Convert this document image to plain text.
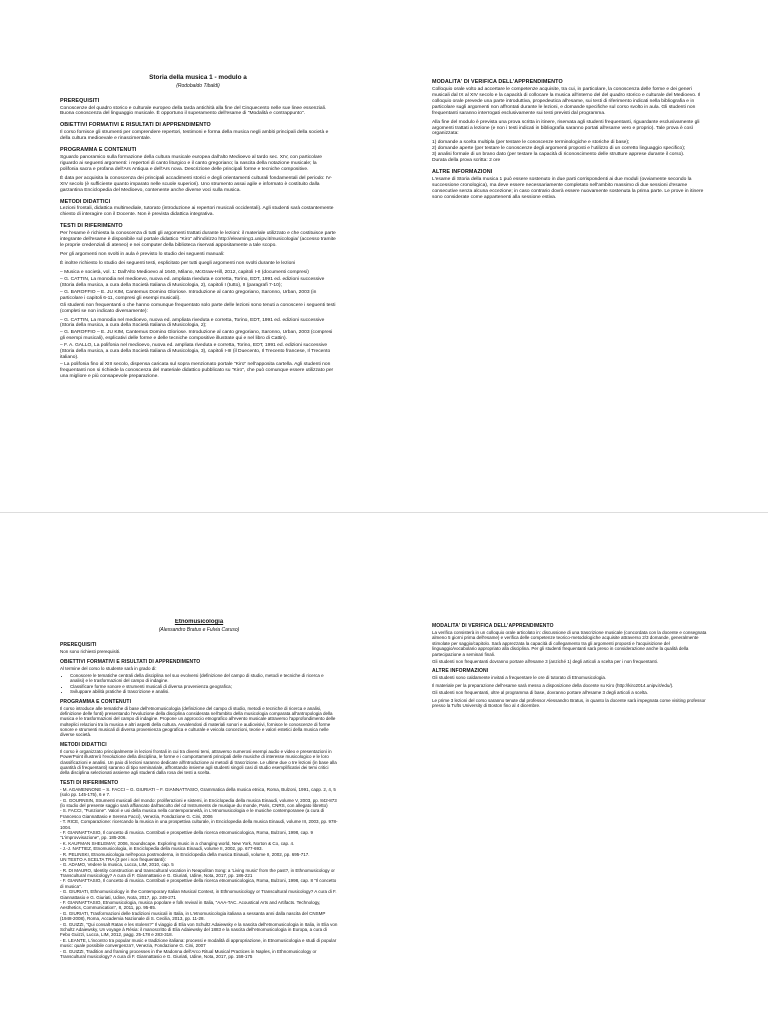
Storia della musica 1 - modulo a
(Rodobaldo Tibaldi)
PREREQUISITI

Conoscenze del quadro storico e culturale europeo della tarda antichità alla fine del Cinquecento nelle sue linee essenziali. Buona conoscenza del linguaggio musicale. È opportuno il superamento dell'esame di "Modalità e contrappunto".

OBIETTIVI FORMATIVI E RISULTATI DI APPRENDIMENTO

Il corso fornisce gli strumenti per comprendere repertori, testimoni e forma della musica negli ambiti principali della società e della cultura medioevale e rinascimentale.

PROGRAMMA E CONTENUTI

Sguardo panoramico sulla formazione della cultura musicale europea dall'alto Medioevo al tardo sec. XIV, con particolare riguardo ai seguenti argomenti: i repertori di canto liturgico e il canto gregoriano; la nascita della notazione musicale; la polifonia sacra e profana dell'Ars Antiqua e dell'Ars nova. Descrizione delle principali forme e tecniche compositive.

È data per acquisita la conoscenza dei principali accadimenti storici e degli orientamenti culturali fondamentali del periodo: IV-XIV secolo (è sufficiente quanto imparato nelle scuole superiori). Uno strumento assai agile e informato è costituito dalla garzantina Enciclopedia del Medioevo, contenente anche diverse voci sulla musica.

METODI DIDATTICI

Lezioni frontali, didattica multimediale, tutorato (introduzione ai repertori musicali occidentali). Agli studenti sarà costantemente chiesto di interagire con il Docente. Non è prevista didattica integrativa.

TESTI DI RIFERIMENTO

Per l'esame è richiesta la conoscenza di tutti gli argomenti trattati durante le lezioni: il materiale utilizzato e che costituisce parte integrante dell'esame è disponibile sul portale didattico "Kiro" all'indirizzo http://elearning1.unipv.it/musicologia/ (accesso tramite le proprie credenziali di ateneo) e nei computer della biblioteca riservati appositamente a tale scopo.

Per gli argomenti non svolti in aula è previsto lo studio dei seguenti manuali:

È inoltre richiesto lo studio dei seguenti testi, esplicitato per tutti quegli argomenti non svolti durante le lezioni

– Musica e società, vol. 1: Dall'Alto Medioevo al 1640, Milano, McGraw-Hill, 2012, capitoli I-II (documenti compresi)

– G. CATTIN, La monodia nel medioevo, nuova ed. ampliata riveduta e corretta, Torino, EDT, 1991 ed. edizioni successive (Storia della musica, a cura della Società Italiana di Musicologia, 2), capitoli I (tutto), II (paragrafi 7-10);

– G. BAROFFIO – E. JU KIM, Cantemus Domino Gloriose. Introduzione al canto gregoriano, Saronno, Urban, 2003 (in particolare i capitoli 6-11, compresi gli esempi musicali).

Gli studenti non frequentanti o che hanno comunque frequentato solo parte delle lezioni sono tenuti a conoscere i seguenti testi (completi se non indicato diversamente):

– G. CATTIN, La monodia nel medioevo, nuova ed. ampliata riveduta e corretta, Torino, EDT, 1991 ed. edizioni successive (Storia della musica, a cura della Società Italiana di Musicologia, 2);

– G. BAROFFIO – E. JU KIM, Cantemus Domino Gloriose. Introduzione al canto gregoriano, Saronno, Urban, 2003 (compresi gli esempi musicali), esplicativi delle forme e delle tecniche compositive illustrate qui e nel libro di Cattin).

– F. A. GALLO, La polifonia nel medioevo, nuova ed. ampliata riveduta e corretta, Torino, EDT, 1991 ed. edizioni successive (Storia della musica, a cura della Società Italiana di Musicologia, 3), capitoli I-III (il Duecento, Il Trecento francese, Il Trecento italiano).

– La polifonia fino al XIII secolo, dispensa caricata sul sopra menzionato portale "Kiro" nell'apposita cartella. Agli studenti non frequentanti non si richiede la conoscenza del materiale didattico pubblicato su "Kiro", che può comunque essere utilizzato per una migliore e più consapevole preparazione.

MODALITA' DI VERIFICA DELL'APPRENDIMENTO

Colloquio orale volto ad accertare le competenze acquisite, tra cui, in particolare, la conoscenza delle forme e dei generi musicali dal IX al XIV secolo e la capacità di collocare la musica all'interno del del quadro storico e culturale del Medioevo. Il colloquio orale prevede una parte introduttiva, propedeutica all'esame, sui testi di riferimento indicati nella bibliografia e in particolare sugli argomenti non affrontati durante le lezioni, e domande specifiche sul corso svolto in aula. Gli studenti non frequentanti saranno interrogati esclusivamente sui testi previsti dal programma.

Alla fine del modulo è prevista una prova scritta in itinere, riservata agli studenti frequentanti, riguardante esclusivamente gli argomenti trattati a lezione (e non i testi indicati in bibliografia saranno portati all'esame vero e proprio). Tale prova è così organizzata:

1) domande a scelta multipla (per testare le conoscenze terminologiche e storiche di base);
2) domande aperte (per testare le conoscenze degli argomenti proposti e l'utilizzo di un corretto linguaggio specifico);
3) analisi formale di un brano dato (per testare la capacità di riconoscimento delle strutture apprese durante il corso).
Durata della prova scritta: 2 ore

ALTRE INFORMAZIONI

L'esame di Storia della musica 1 può essere sostenuto in due parti corrispondenti ai due moduli (ovviamente secondo la successione cronologica), ma deve essere necessariamente completato nell'ambito massimo di due sessioni d'esame consecutive senza alcuna eccezione; in caso contrario dovrà essere nuovamente sostenuta la prima parte. Le prove in itinere sono considerate come appartenenti alla sessione estiva.

Etnomusicologia
(Alessandro Bratus e Fulvia Caruso)
PREREQUISITI

Non sono richiesti prerequisiti.

OBIETTIVI FORMATIVI E RISULTATI DI APPRENDIMENTO

Al termine del corso lo studente sarà in grado di:

• Conoscere le tematiche centrali della disciplina nel suo evolversi (definizione del campo di studio, metodi e tecniche di ricerca e analisi) e le trasformazioni del campo di indagine.
• Classificare forme sonore e strumenti musicali di diversa provenienza geografica;
• Sviluppare abilità pratiche di trascrizione e analisi.
PROGRAMMA E CONTENUTI

Il corso introduce alle tematiche di base dell'etnomusicologia (definizione del campo di studio, metodi e tecniche di ricerca e analisi, definizione delle fonti) presentando l'evoluzione della disciplina considerata nell'ambito della musicologia comparata all'antropologia della musica e le trasformazioni del campo di indagine. Propone un approccio etnografico all'evento musicale attraverso l'approfondimento delle molteplici relazioni tra la musica e altri aspetti della cultura. Avvalendosi di materiali sonori e audiovisivi, fornisce le conoscenze di forme sonore e strumenti musicali di diversa provenienza geografica e culturale e veicola concezioni, teorie e valori estetici della musica nelle diverse società.

METODI DIDATTICI

Il corso è organizzato principalmente in lezioni frontali in cui tra diversi temi, attraverso numerosi esempi audio e video e presentazioni in PowerPoint illustrerò l'evoluzione della disciplina, le forme e i comportamenti principali delle musiche di interesse musicologico e le loro classificazioni e analisi. Un paio di lezioni saranno dedicate all'introduzione ai metodi di trascrizione. Le ultime due o tre lezioni (in base alla quantità di frequentanti) saranno di tipo seminariale, affrontando insieme agli studenti singoli casi di studio esemplificativi dei temi critici della disciplina selezionati assieme agli studenti dalla rosa dei testi a scelta.

TESTI DI RIFERIMENTO

- M. AGAMENNONE – S. FACCI – G. GIURIATI – F. GIANNATTASIO, Grammatica della musica etnica, Roma, Bulzoni, 1991, capp. 2, 4, 5 (solo pp. 145-175), 6 e 7.

- G. GOURNSIN, Strumenti musicali del mondo: proliferazioni e sistemi, in Enciclopedia della musica Einaudi, volume V, 2003, pp. 842-873 (lo studio del presente saggio sarà affiancato dall'ascolto del cd Instruments de musique du monde, Paris, CNRS, con allegato libretto)

- S. FACCI, "Funzione". Valori e usi della musica nella contemporaneità, in L'etnomusicologia e le musiche contemporanee (a cura di Francesco Giannattasio e Serena Facci), Venezia, Fondazione G. Cini, 2006

- T. RICE, Comparazione: ricercando la musica in una prospettiva culturale, in Enciclopedia della musica Einaudi, volume III, 2003, pp. 978-1004.

- F. GIANNATTASIO, Il concetto di musica. Contributi e prospettive della ricerca etnomusicologica, Roma, Bulzoni, 1998, cap. 9 "L'improvvisazione", pp. 185-206.

- K. KAUFMAN SHELEMAY, 2006, Soundscape. Exploring music in a changing world, New York, Norton & Co, cap. 4.

- J.-J. NATTIEZ, Etnomusicologia, in Enciclopedia della musica Einaudi, volume II, 2002, pp. 677-693.

- R. PELINSKI, Etnomusicologia nell'epoca postmoderna, in Enciclopedia della musica Einaudi, volume II, 2002, pp. 695-717.

UN TESTO A SCELTA TRA (3 per i non frequentanti):

- G. ADAMO, Vedere la musica, Lucca, LIM, 2010, cap. 5

- R. DI MAURO, Identity construction and transcultural vocation in Neapolitan Song: a 'Living music' from the past?, in Ethnomusicology or Transcultural musicology? A cura di F. Giannattasio e G. Giuriati, Udine, Nota, 2017, pp. 186-221

- F. GIANNATTASIO, Il concetto di musica. Contributi e prospettive della ricerca etnomusicologica, Roma, Bulzoni, 1998, cap. 8 "Il concetto di musica".

- G. GIURIATI, Ethnomusicology in the Contemporary Italian Musical Context, in Ethnomusicology or Transcultural musicology? A cura di F. Giannattasio e G. Giuriati, Udine, Nota, 2017, pp. 249-271

- F. GIANNATTASIO, Etnomusicologia, musica popolare e folk revival in Italia, "AAA-TAC. Acoustical Arts and Artifacts. Technology, Aesthetics, Communication", 8, 2011, pp. 95-85.

- G. GIURIATI, Trasformazioni delle tradizioni musicali in Italia, in L'etnomusicologia italiana a sessanta anni dalla nascita del CNSMP (1948-2008), Roma, Accademia Nazionale di S. Cecilia, 2013, pp. 11-28.

- G. GUIZZI, "Qui consalt Ratas e les stolens?" Il viaggio di Elia von Schultz Adaiewsky e la nascita dell'etnomusicologia in Italia, in Elia von Schultz Adaiewsky, Un voyage à Résia: il manoscritto di Elia Adaiewsky del 1883 e la nascita dell'etnomusicologia in Europa, a cura di Febo Guizzi, Lucca, LIM, 2012, pagg. 25-178 e 283-318.

- E. LEANTE, L'incontro tra popular music e tradizione italiana: processi e modalità di appropriazione, in Etnomusicologia e studi di popular music: quale possibile convergenza?, Venezia, Fondazione G. Cini, 2007

- G. GUIZZI, Tradition and framing processes in the Madonna dell'Arco Ritual Musical Practices in Naples, in Ethnomusicology or Transcultural musicology? A cura di F. Giannattasio e G. Giuriati, Udine, Nota, 2017, pp. 158-175

MODALITA' DI VERIFICA DELL'APPRENDIMENTO

La verifica consisterà in un colloquio orale articolato in: discussione di una trascrizione musicale (concordata con la docente e consegnata almeno 5 giorni prima dell'esame) e verifica delle competenze teorico-metodologiche acquisite attraverso 2/3 domande, generalmente stimolate per saggio/capitolo. Sarà apprezzata la capacità di collegamento tra gli argomenti proposti e l'acquisizione del linguaggio/vocabolario appropriato alla disciplina. Per gli studenti frequentanti sarà preso in considerazione anche la qualità della partecipazione a seminari finali.

Gli studenti non frequentanti dovranno portare all'esame 3 (anziché 1) degli articoli a scelta per i non frequentanti.

ALTRE INFORMAZIONI

Gli studenti sono caldamente invitati a frequentare le ore di tutorato di Etnomusicologia.

Il materiale per la preparazione dell'esame sarà messo a disposizione della docente su Kiro (http://kiro2014.unipv.it/edu/).

Gli studenti non frequentanti, oltre al programma di base, dovranno portare all'esame 3 degli articoli a scelta.

Le prime 3 lezioni del corso saranno tenute dal professor Alessandro Bratus, in quanto la docente sarà impegnata come visiting professor presso la Tufts University di Boston fino al 4 dicembre.
